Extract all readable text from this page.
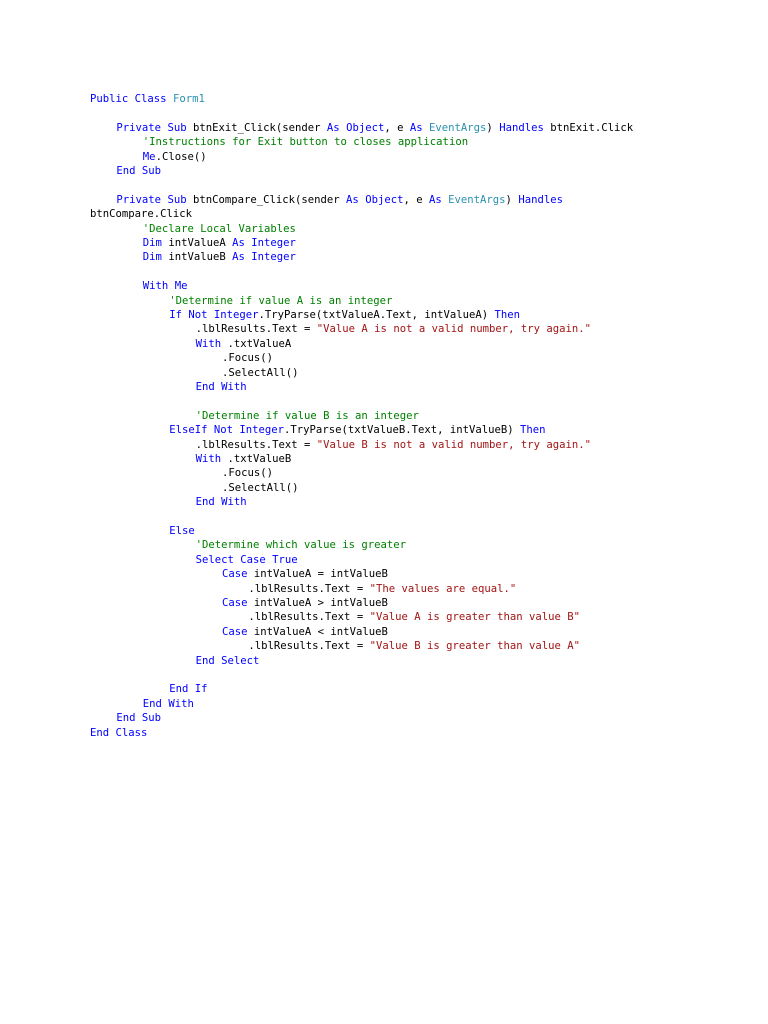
Public Class Form1
Private Sub btnExit_Click(sender As Object, e As EventArgs) Handles btnExit.Click
'Instructions for Exit button to closes application
Me.Close()
End Sub
Private Sub btnCompare_Click(sender As Object, e As EventArgs) Handles
btnCompare.Click
'Declare Local Variables
Dim intValueA As Integer
Dim intValueB As Integer
With Me
'Determine if value A is an integer
If Not Integer.TryParse(txtValueA.Text, intValueA) Then
.lblResults.Text = "Value A is not a valid number, try again."
With .txtValueA
.Focus()
.SelectAll()
End With
'Determine if value B is an integer
ElseIf Not Integer.TryParse(txtValueB.Text, intValueB) Then
.lblResults.Text = "Value B is not a valid number, try again."
With .txtValueB
.Focus()
.SelectAll()
End With
Else
'Determine which value is greater
Select Case True
Case intValueA = intValueB
.lblResults.Text = "The values are equal."
Case intValueA > intValueB
.lblResults.Text = "Value A is greater than value B"
Case intValueA < intValueB
.lblResults.Text = "Value B is greater than value A"
End Select
End If
End With
End Sub
End Class
